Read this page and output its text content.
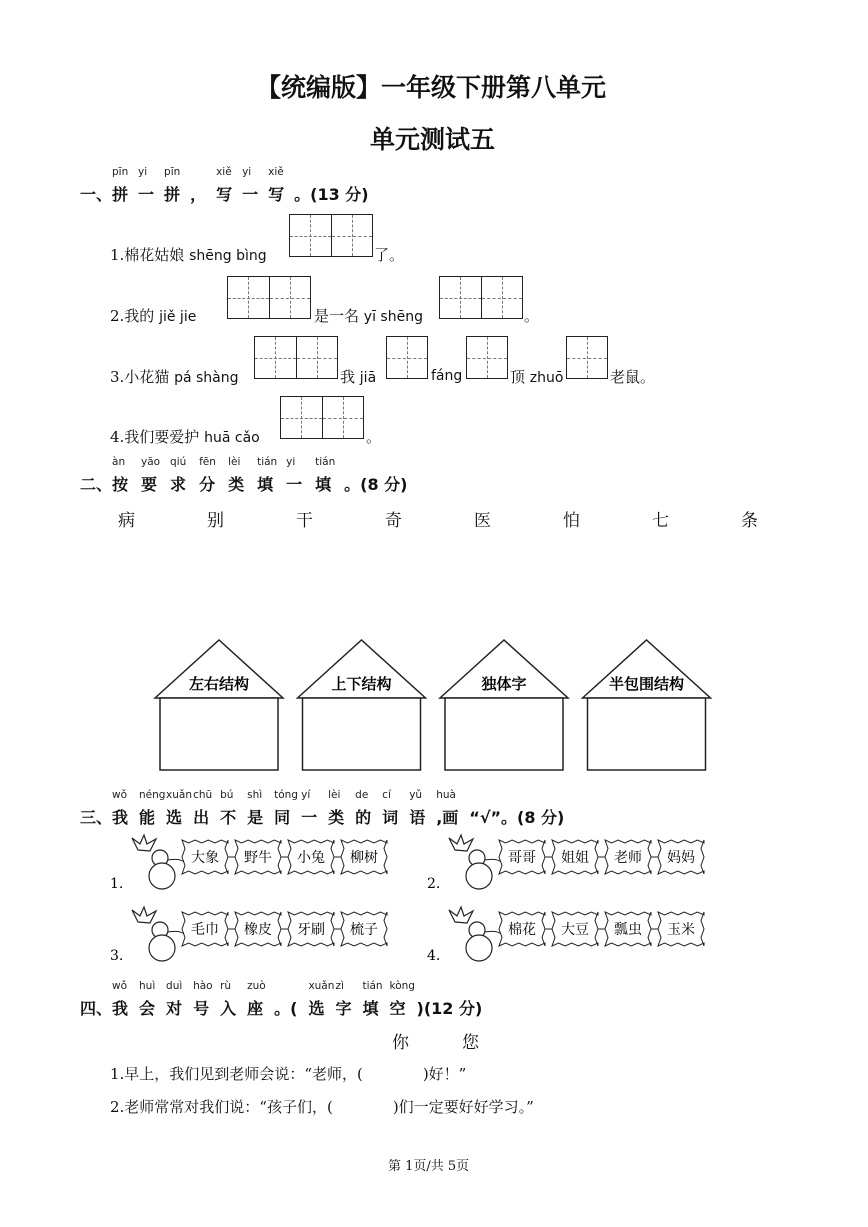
【统编版】一年级下册第八单元
单元测试五
一、拼
pīn
一
yi
拼
pīn
， 写
xiě
一
yi
写
xiě
。(13 分)
1.棉花姑娘 shēng bìng	了。
2.我的 jiě jie	是一名 yī shēng	。
3.小花猫 pá shàng	我 jiā	fáng	顶 zhuō	老鼠。
4.我们要爱护 huā cǎo	。
二、按
àn
要
yāo
求
qiú
分
fēn
类
lèi
填
tián
一
yi
填
tián
。(8 分)
病	别	干	奇	医	怕	七	条
左右结构	上下结构	独体字	半包围结构
三、我
wǒ
能
néng
选
xuǎn
出
chū
不
bú
是
shì
同
tóng
一
yí
类
lèi
的
de
词
cí
语
yǔ
,画
huà
“√”。(8 分)
1.
大象 野牛 小兔 柳树
2.
哥哥 姐姐 老师 妈妈
3.
毛巾 橡皮 牙刷 梳子
4.
棉花 大豆 瓢虫 玉米
四、我
wǒ
会
huì
对
duì
号
hào
入
rù
座
zuò
。( 选
xuǎn
字
zì
填
tián
空
kòng
)(12 分)
你	您
1.早上，我们见到老师会说：“老师，(　　　　)好！”
2.老师常常对我们说：“孩子们，(　　　　)们一定要好好学习。”
第 1页/共 5页
